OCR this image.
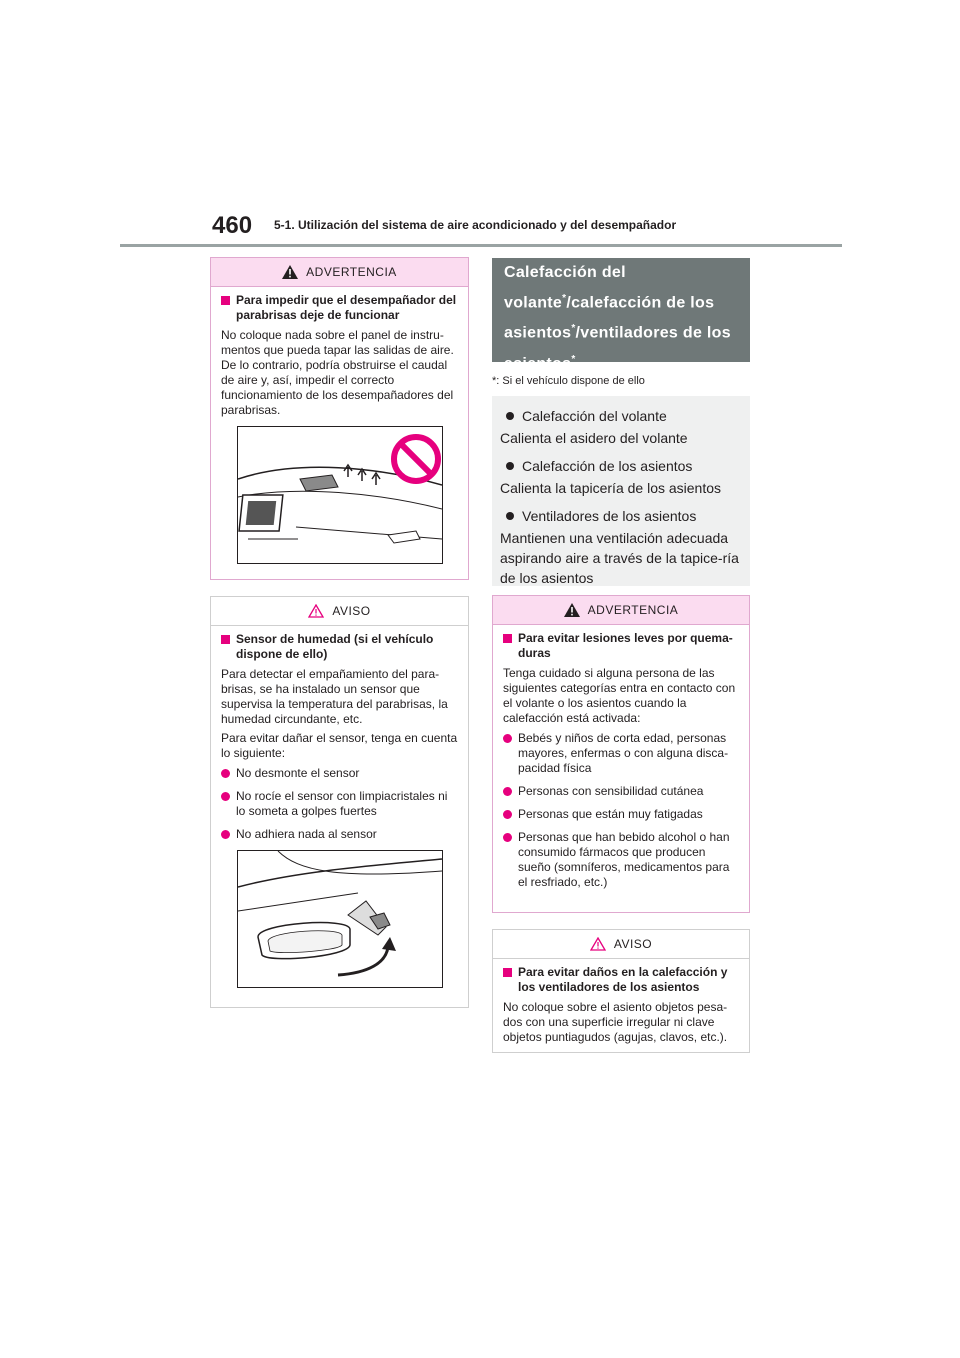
460 5-1. Utilización del sistema de aire acondicionado y del desempañador
ADVERTENCIA
Para impedir que el desempañador del parabrisas deje de funcionar
No coloque nada sobre el panel de instru-mentos que pueda tapar las salidas de aire. De lo contrario, podría obstruirse el caudal de aire y, así, impedir el correcto funcionamiento de los desempañadores del parabrisas.
AVISO
Sensor de humedad (si el vehículo dispone de ello)
Para detectar el empañamiento del para-brisas, se ha instalado un sensor que supervisa la temperatura del parabrisas, la humedad circundante, etc.
Para evitar dañar el sensor, tenga en cuenta lo siguiente:
No desmonte el sensor
No rocíe el sensor con limpiacristales ni lo someta a golpes fuertes
No adhiera nada al sensor
Calefacción del volante*/calefacción de los asientos*/ventiladores de los asientos*
*: Si el vehículo dispone de ello
Calefacción del volante
Calienta el asidero del volante
Calefacción de los asientos
Calienta la tapicería de los asientos
Ventiladores de los asientos
Mantienen una ventilación adecuada aspirando aire a través de la tapice-ría de los asientos
ADVERTENCIA
Para evitar lesiones leves por quema-duras
Tenga cuidado si alguna persona de las siguientes categorías entra en contacto con el volante o los asientos cuando la calefacción está activada:
Bebés y niños de corta edad, personas mayores, enfermas o con alguna disca-pacidad física
Personas con sensibilidad cutánea
Personas que están muy fatigadas
Personas que han bebido alcohol o han consumido fármacos que producen sueño (somníferos, medicamentos para el resfriado, etc.)
AVISO
Para evitar daños en la calefacción y los ventiladores de los asientos
No coloque sobre el asiento objetos pesa-dos con una superficie irregular ni clave objetos puntiagudos (agujas, clavos, etc.).
